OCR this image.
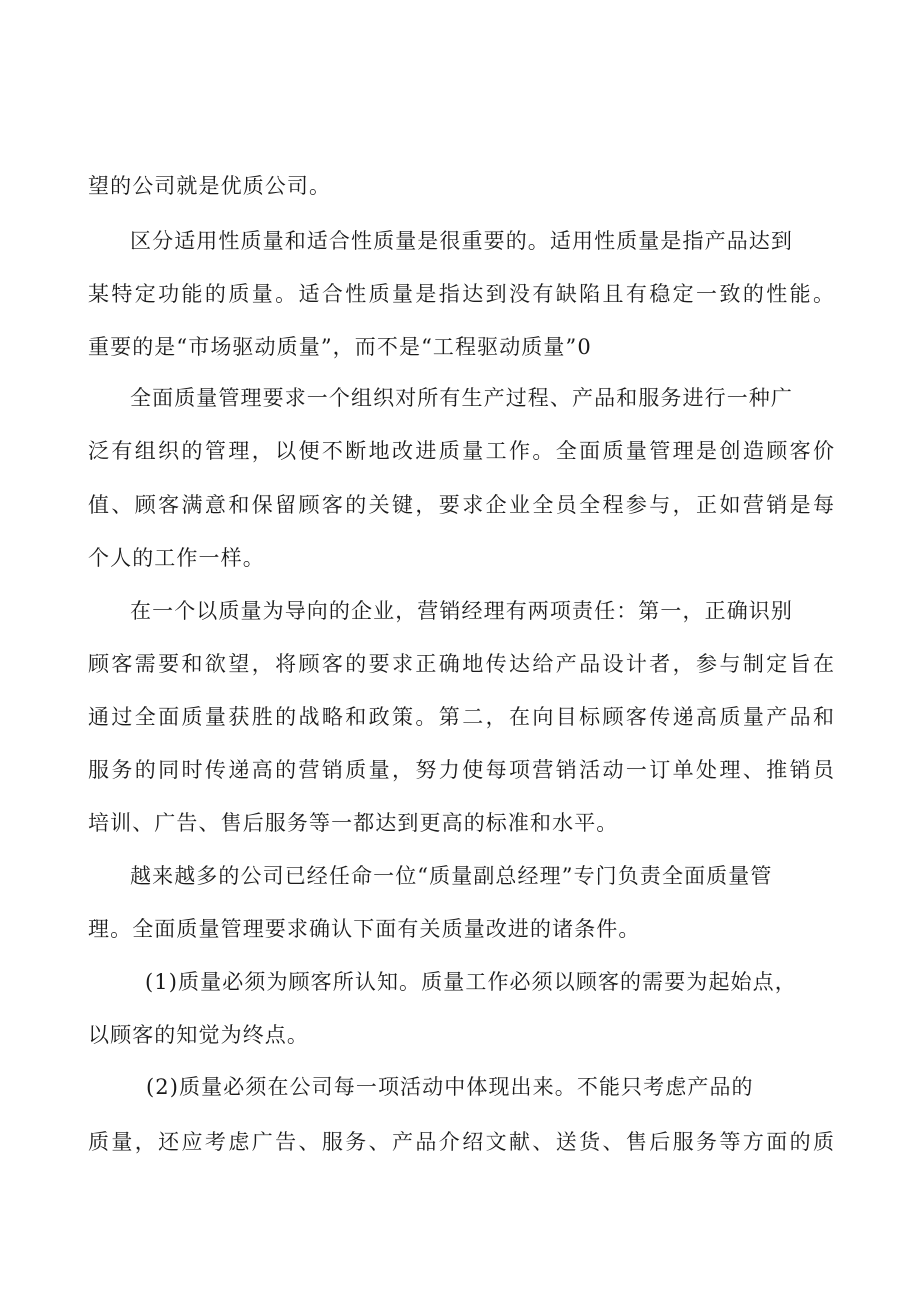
望的公司就是优质公司。
区分适用性质量和适合性质量是很重要的。适用性质量是指产品达到
某特定功能的质量。适合性质量是指达到没有缺陷且有稳定一致的性能。
重要的是“市场驱动质量”，而不是“工程驱动质量”0
全面质量管理要求一个组织对所有生产过程、产品和服务进行一种广
泛有组织的管理，以便不断地改进质量工作。全面质量管理是创造顾客价
值、顾客满意和保留顾客的关键，要求企业全员全程参与，正如营销是每
个人的工作一样。
在一个以质量为导向的企业，营销经理有两项责任：第一，正确识别
顾客需要和欲望，将顾客的要求正确地传达给产品设计者，参与制定旨在
通过全面质量获胜的战略和政策。第二，在向目标顾客传递高质量产品和
服务的同时传递高的营销质量，努力使每项营销活动一订单处理、推销员
培训、广告、售后服务等一都达到更高的标准和水平。
越来越多的公司已经任命一位“质量副总经理”专门负责全面质量管
理。全面质量管理要求确认下面有关质量改进的诸条件。
(1)质量必须为顾客所认知。质量工作必须以顾客的需要为起始点，
以顾客的知觉为终点。
(2)质量必须在公司每一项活动中体现出来。不能只考虑产品的
质量，还应考虑广告、服务、产品介绍文献、送货、售后服务等方面的质
